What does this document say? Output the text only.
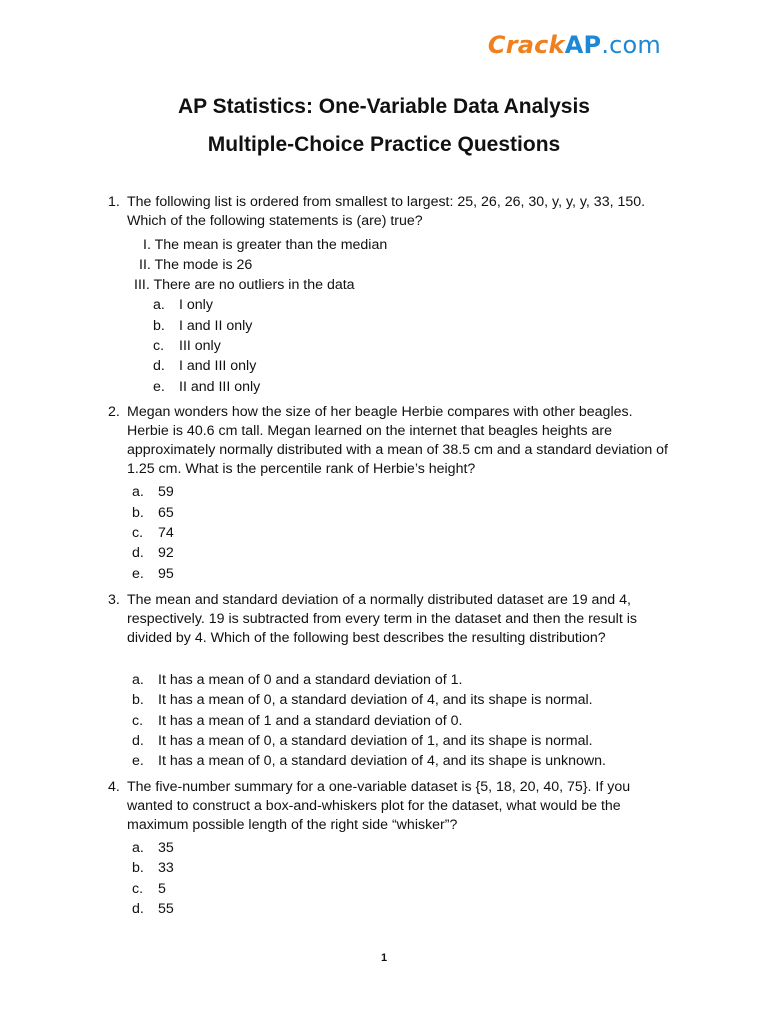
CrackAP.com
AP Statistics: One-Variable Data Analysis
Multiple-Choice Practice Questions
1. The following list is ordered from smallest to largest: 25, 26, 26, 30, y, y, y, 33, 150. Which of the following statements is (are) true?
I. The mean is greater than the median
II. The mode is 26
III. There are no outliers in the data
a. I only
b. I and II only
c. III only
d. I and III only
e. II and III only
2. Megan wonders how the size of her beagle Herbie compares with other beagles. Herbie is 40.6 cm tall. Megan learned on the internet that beagles heights are approximately normally distributed with a mean of 38.5 cm and a standard deviation of 1.25 cm. What is the percentile rank of Herbie’s height?
a. 59
b. 65
c. 74
d. 92
e. 95
3. The mean and standard deviation of a normally distributed dataset are 19 and 4, respectively. 19 is subtracted from every term in the dataset and then the result is divided by 4. Which of the following best describes the resulting distribution?
a. It has a mean of 0 and a standard deviation of 1.
b. It has a mean of 0, a standard deviation of 4, and its shape is normal.
c. It has a mean of 1 and a standard deviation of 0.
d. It has a mean of 0, a standard deviation of 1, and its shape is normal.
e. It has a mean of 0, a standard deviation of 4, and its shape is unknown.
4. The five-number summary for a one-variable dataset is {5, 18, 20, 40, 75}. If you wanted to construct a box-and-whiskers plot for the dataset, what would be the maximum possible length of the right side “whisker”?
a. 35
b. 33
c. 5
d. 55
1
